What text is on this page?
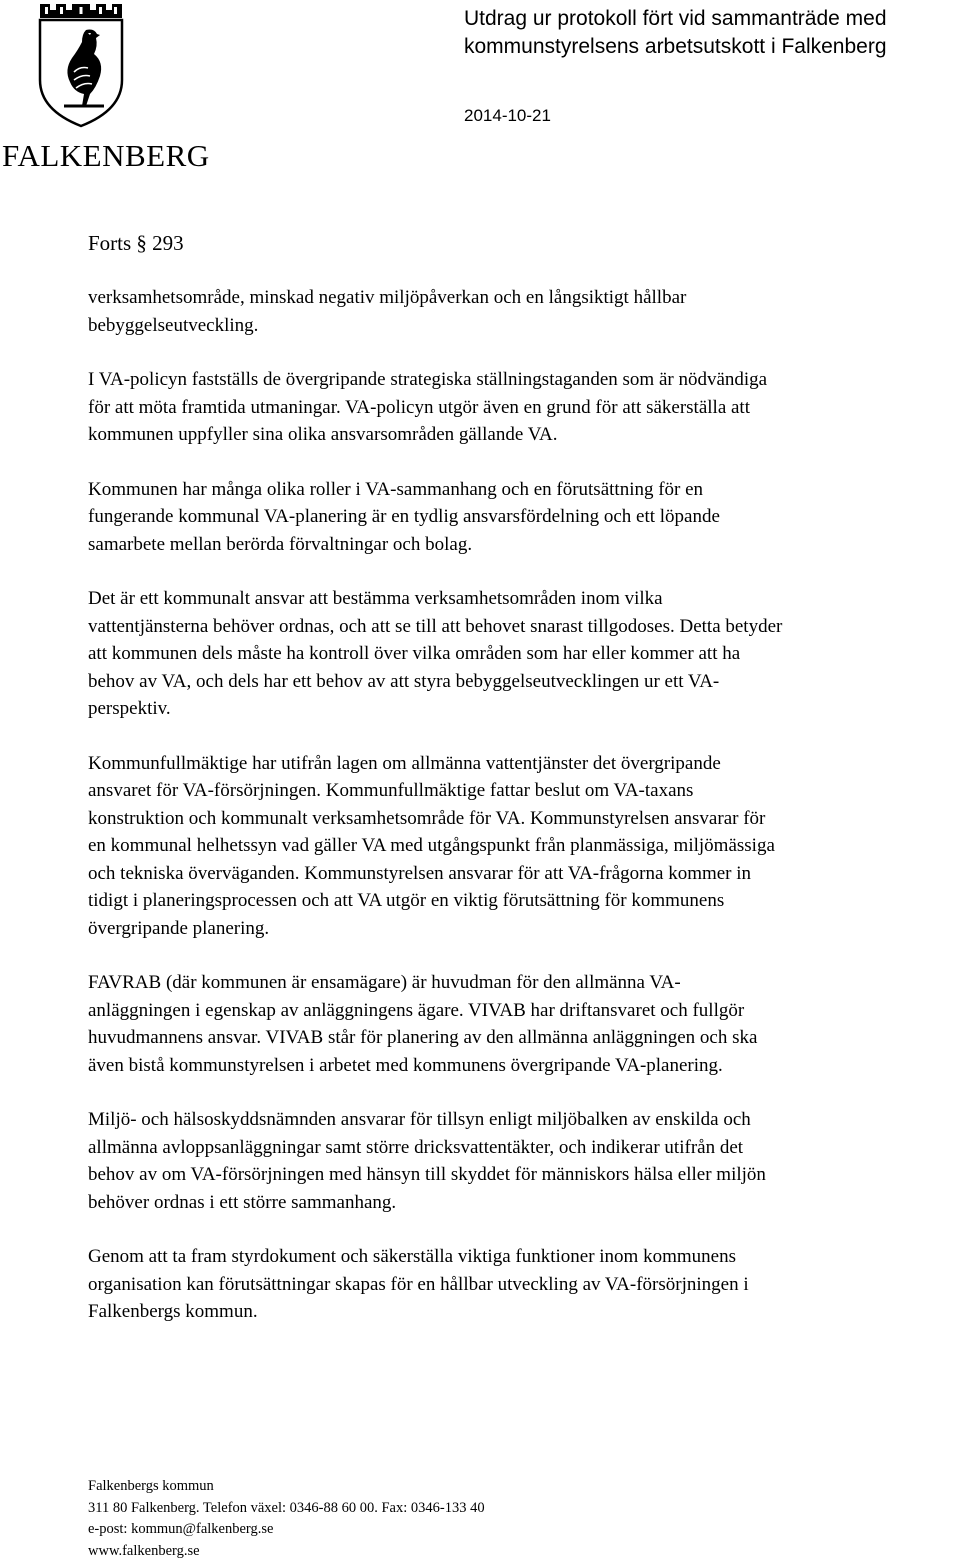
FALKENBERG
Utdrag ur protokoll fört vid sammanträde med
kommunstyrelsens arbetsutskott i Falkenberg
2014-10-21
Forts § 293

verksamhetsområde, minskad negativ miljöpåverkan och en långsiktigt hållbar
bebyggelseutveckling.

I VA-policyn fastställs de övergripande strategiska ställningstaganden som är nödvändiga
för att möta framtida utmaningar. VA-policyn utgör även en grund för att säkerställa att
kommunen uppfyller sina olika ansvarsområden gällande VA.

Kommunen har många olika roller i VA-sammanhang och en förutsättning för en
fungerande kommunal VA-planering är en tydlig ansvarsfördelning och ett löpande
samarbete mellan berörda förvaltningar och bolag.

Det är ett kommunalt ansvar att bestämma verksamhetsområden inom vilka
vattentjänsterna behöver ordnas, och att se till att behovet snarast tillgodoses. Detta betyder
att kommunen dels måste ha kontroll över vilka områden som har eller kommer att ha
behov av VA, och dels har ett behov av att styra bebyggelseutvecklingen ur ett VA-
perspektiv.

Kommunfullmäktige har utifrån lagen om allmänna vattentjänster det övergripande
ansvaret för VA-försörjningen. Kommunfullmäktige fattar beslut om VA-taxans
konstruktion och kommunalt verksamhetsområde för VA. Kommunstyrelsen ansvarar för
en kommunal helhetssyn vad gäller VA med utgångspunkt från planmässiga, miljömässiga
och tekniska överväganden. Kommunstyrelsen ansvarar för att VA-frågorna kommer in
tidigt i planeringsprocessen och att VA utgör en viktig förutsättning för kommunens
övergripande planering.

FAVRAB (där kommunen är ensamägare) är huvudman för den allmänna VA-
anläggningen i egenskap av anläggningens ägare. VIVAB har driftansvaret och fullgör
huvudmannens ansvar. VIVAB står för planering av den allmänna anläggningen och ska
även bistå kommunstyrelsen i arbetet med kommunens övergripande VA-planering.

Miljö- och hälsoskyddsnämnden ansvarar för tillsyn enligt miljöbalken av enskilda och
allmänna avloppsanläggningar samt större dricksvattentäkter, och indikerar utifrån det
behov av om VA-försörjningen med hänsyn till skyddet för människors hälsa eller miljön
behöver ordnas i ett större sammanhang.

Genom att ta fram styrdokument och säkerställa viktiga funktioner inom kommunens
organisation kan förutsättningar skapas för en hållbar utveckling av VA-försörjningen i
Falkenbergs kommun.

Falkenbergs kommun
311 80 Falkenberg. Telefon växel: 0346-88 60 00. Fax: 0346-133 40
e-post: kommun@falkenberg.se
www.falkenberg.se
